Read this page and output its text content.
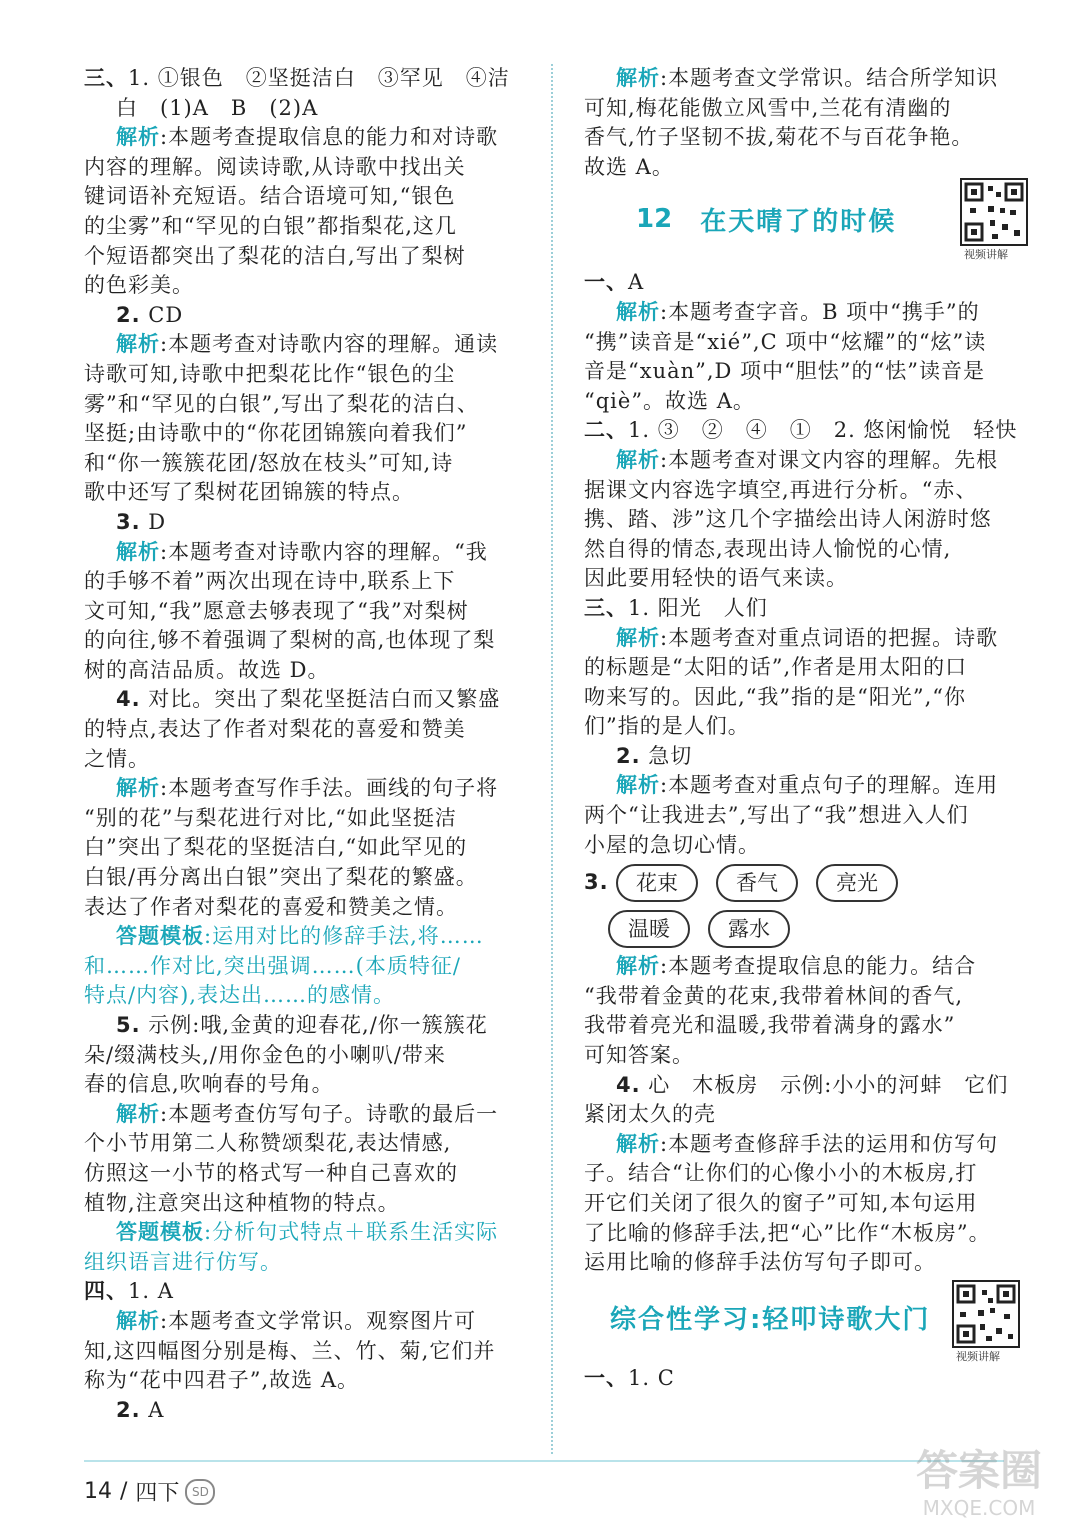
三、1. ①银色　②坚挺洁白　③罕见　④洁
白　(1)A　B　(2)A
解析:本题考查提取信息的能力和对诗歌
内容的理解。阅读诗歌,从诗歌中找出关
键词语补充短语。结合语境可知,“银色
的尘雾”和“罕见的白银”都指梨花,这几
个短语都突出了梨花的洁白,写出了梨树
的色彩美。
2. CD
解析:本题考查对诗歌内容的理解。通读
诗歌可知,诗歌中把梨花比作“银色的尘
雾”和“罕见的白银”,写出了梨花的洁白、
坚挺;由诗歌中的“你花团锦簇向着我们”
和“你一簇簇花团/怒放在枝头”可知,诗
歌中还写了梨树花团锦簇的特点。
3. D
解析:本题考查对诗歌内容的理解。“我
的手够不着”两次出现在诗中,联系上下
文可知,“我”愿意去够表现了“我”对梨树
的向往,够不着强调了梨树的高,也体现了梨
树的高洁品质。故选 D。
4. 对比。突出了梨花坚挺洁白而又繁盛
的特点,表达了作者对梨花的喜爱和赞美
之情。
解析:本题考查写作手法。画线的句子将
“别的花”与梨花进行对比,“如此坚挺洁
白”突出了梨花的坚挺洁白,“如此罕见的
白银/再分离出白银”突出了梨花的繁盛。
表达了作者对梨花的喜爱和赞美之情。
答题模板:运用对比的修辞手法,将……
和……作对比,突出强调……(本质特征/
特点/内容),表达出……的感情。
5. 示例:哦,金黄的迎春花,/你一簇簇花
朵/缀满枝头,/用你金色的小喇叭/带来
春的信息,吹响春的号角。
解析:本题考查仿写句子。诗歌的最后一
个小节用第二人称赞颂梨花,表达情感,
仿照这一小节的格式写一种自己喜欢的
植物,注意突出这种植物的特点。
答题模板:分析句式特点＋联系生活实际
组织语言进行仿写。
四、1. A
解析:本题考查文学常识。观察图片可
知,这四幅图分别是梅、兰、竹、菊,它们并
称为“花中四君子”,故选 A。
2. A
解析:本题考查文学常识。结合所学知识
可知,梅花能傲立风雪中,兰花有清幽的
香气,竹子坚韧不拔,菊花不与百花争艳。
故选 A。
12 在天晴了的时候
视频讲解
一、A
解析:本题考查字音。B 项中“携手”的
“携”读音是“xié”,C 项中“炫耀”的“炫”读
音是“xuàn”,D 项中“胆怯”的“怯”读音是
“qiè”。故选 A。
二、1. ③　②　④　①　2. 悠闲愉悦　轻快
解析:本题考查对课文内容的理解。先根
据课文内容选字填空,再进行分析。“赤、
携、踏、涉”这几个字描绘出诗人闲游时悠
然自得的情态,表现出诗人愉悦的心情,
因此要用轻快的语气来读。
三、1. 阳光　人们
解析:本题考查对重点词语的把握。诗歌
的标题是“太阳的话”,作者是用太阳的口
吻来写的。因此,“我”指的是“阳光”,“你
们”指的是人们。
2. 急切
解析:本题考查对重点句子的理解。连用
两个“让我进去”,写出了“我”想进入人们
小屋的急切心情。
3.	花束	香气	亮光
温暖	露水
解析:本题考查提取信息的能力。结合
“我带着金黄的花束,我带着林间的香气,
我带着亮光和温暖,我带着满身的露水”
可知答案。
4. 心　木板房　示例:小小的河蚌　它们
紧闭太久的壳
解析:本题考查修辞手法的运用和仿写句
子。结合“让你们的心像小小的木板房,打
开它们关闭了很久的窗子”可知,本句运用
了比喻的修辞手法,把“心”比作“木板房”。
运用比喻的修辞手法仿写句子即可。
综合性学习:轻叩诗歌大门
视频讲解
一、1. C
14 / 四下	SD	答案圈
MXQE.COM
